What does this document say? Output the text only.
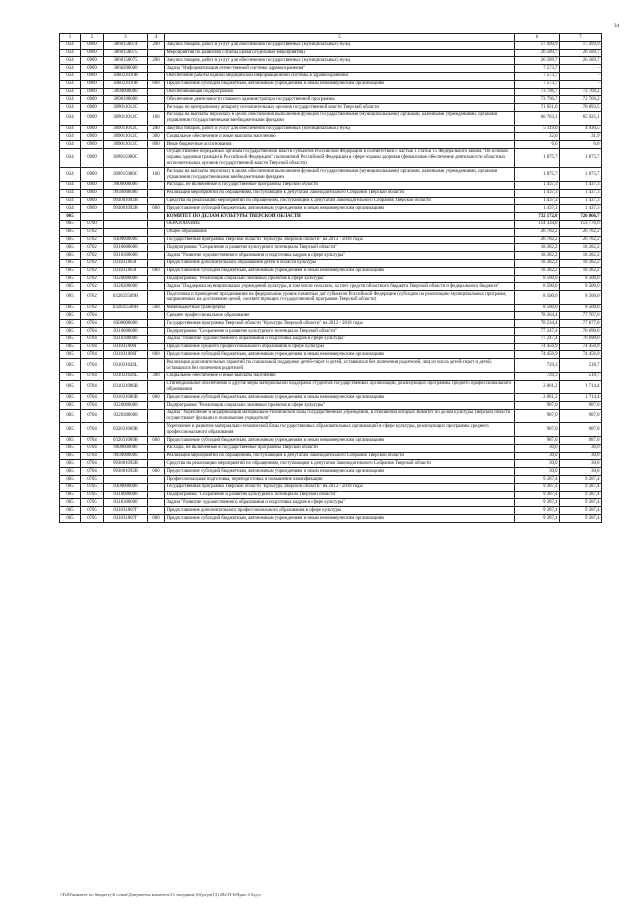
34
1	2	3	4	5	6	7
034	0909	3060158074	200	Закупка товаров, работ и услуг для обеспечения государственных (муниципальных) нужд	17 499,9	17 499,9
034	0909	3060158075		Мероприятия по развитию службы крови (отдельные мероприятия)	26 589,7	26 589,7
034	0909	3060158075	200	Закупка товаров, работ и услуг для обеспечения государственных (муниципальных) нужд	26 589,7	26 589,7
034	0909	3060200000		Задача "Информатизация отечественной системы здравоохранения"	7 573,7	-
034	0909	306021010В		Обеспечение работы единой медицинской информационной системы в здравоохранении	7 573,7	-
034	0909	306021010В	600	Предоставление субсидий бюджетным, автономным учреждениям и иным некоммерческим организациям	7 573,7	-
034	0909	3090000000		Обеспечивающая подпрограмма	73 796,7	72 769,2
034	0909	3090100000		Обеспечение деятельности главного администратора государственной программы	73 796,7	72 769,2
034	0909	309011012С		Расходы по центральному аппарату исполнительных органов государственной власти Тверской области	71 921,0	70 893,5
034	0909	309011012С	100	Расходы на выплаты персоналу в целях обеспечения выполнения функций государственными (муниципальными) органами, казенными учреждениями, органами управления государственными внебюджетными фондами	66 763,1	65 925,1
034	0909	309011012С	200	Закупка товаров, работ и услуг для обеспечения государственных (муниципальных) нужд	5 119,0	4 930,5
034	0909	309011012С	300	Социальное обеспечение и иные выплаты населению	32,0	31,9
034	0909	309011012С	800	Иные бюджетные ассигнования	6,0	6,0
034	0909	309015980С		Осуществление переданных органам государственной власти субъектов Российской Федерации в соответствии с частью 1 статьи 15 Федерального закона "Об основах охраны здоровья граждан в Российской Федерации" полномочий Российской Федерации в сфере охраны здоровья (финансовое обеспечение деятельности областных исполнительных органов государственной власти Тверской области)	1 875,7	1 875,7
034	0909	309015980С	100	Расходы на выплаты персоналу в целях обеспечения выполнения функций государственными (муниципальными) органами, казенными учреждениями, органами управления государственными внебюджетными фондами	1 875,7	1 875,7
034	0909	9900000000		Расходы, не включенные в государственные программы Тверской области	1 437,3	1 437,3
034	0909	9930000000		Реализация мероприятий по обращениям, поступающим к депутатам Законодательного Собрания Тверской области	1 437,3	1 437,3
034	0909	993001092В		Средства на реализацию мероприятий по обращениям, поступающим к депутатам Законодательного Собрания Тверской области	1 437,3	1 437,3
034	0909	993001092В	600	Предоставление субсидий бюджетным, автономным учреждениям и иным некоммерческим организациям	1 437,3	1 437,3
065				КОМИТЕТ ПО ДЕЛАМ КУЛЬТУРЫ ТВЕРСКОЙ ОБЛАСТИ	732 172,8	726 866,7
065	0700			ОБРАЗОВАНИЕ	114 334,0	113 776,6
065	0702			Общее образование	26 782,2	26 782,2
065	0702	0300000000		Государственная программа Тверской области "Культура Тверской области" на 2013 - 2018 годы	26 782,2	26 782,2
065	0702	0310000000		Подпрограмма "Сохранение и развитие культурного потенциала Тверской области"	18 282,2	18 282,2
065	0702	0310300000		Задача "Развитие художественного образования и подготовка кадров в сфере культуры"	18 282,2	18 282,2
065	0702	031031003Г		Предоставление дополнительного образования детей в области культуры	18 282,2	18 282,2
065	0702	031031003Г	600	Предоставление субсидий бюджетным, автономным учреждениям и иным некоммерческим организациям	18 282,2	18 282,2
065	0702	0320000000		Подпрограмма "Реализация социально значимых проектов в сфере культуры"	8 500,0	8 500,0
065	0702	0320200000		Задача "Поддержка муниципальных учреждений культуры, в том числе сельских, за счет средств областного бюджета Тверской области и федерального бюджета"	8 500,0	8 500,0
065	0702	032025509Н		Подготовка и проведение празднования на федеральном уровне памятных дат субъектов Российской Федерации (субсидии на реализацию муниципальных программ, направленных на достижение целей, соответствующих государственной программе Тверской области)	8 500,0	8 500,0
065	0702	032025509Н	500	Межбюджетные трансферты	8 500,0	8 500,0
065	0704			Среднее профессиональное образование	78 264,4	77 707,0
065	0704	0300000000		Государственная программа Тверской области "Культура Тверской области" на 2013 - 2018 годы	78 234,4	77 677,0
065	0704	0310000000		Подпрограмма "Сохранение и развитие культурного потенциала Тверской области"	77 247,4	76 690,0
065	0704	0310300000		Задача "Развитие художественного образования и подготовка кадров в сфере культуры"	77 247,4	76 690,0
065	0704	031031006Г		Предоставление среднего профессионального образования в сфере культуры	74 456,9	74 456,9
065	0704	031031006Г	600	Предоставление субсидий бюджетным, автономным учреждениям и иным некоммерческим организациям	74 456,9	74 456,9
065	0704	031031026L		Реализация дополнительных гарантий по социальной поддержке детей-сирот и детей, оставшихся без попечения родителей, лиц из числа детей-сирот и детей, оставшихся без попечения родителей	729,3	518,7
065	0704	031031026L	300	Социальное обеспечение и иные выплаты населению	729,3	518,7
065	0704	031031086В		Стипендиальное обеспечение и другие меры материальной поддержки студентов государственных организаций, реализующих программы среднего профессионального образования	2 061,2	1 714,4
065	0704	031031086В	600	Предоставление субсидий бюджетным, автономным учреждениям и иным некоммерческим организациям	2 061,2	1 714,4
065	0704	0320000000		Подпрограмма "Реализация социально значимых проектов в сфере культуры"	987,0	987,0
065	0704	0320300000		Задача "Укрепление и модернизация материально-технической базы государственных учреждений, в отношении которых Комитет по делам культуры Тверской области осуществляет функции и полномочия учредителя"	987,0	987,0
065	0704	032031009В		Укрепление и развитие материально-технической базы государственных образовательных организаций в сфере культуры, реализующих программы среднего профессионального образования	987,0	987,0
065	0704	032031009В	600	Предоставление субсидий бюджетным, автономным учреждениям и иным некоммерческим организациям	987,0	987,0
065	0704	9900000000		Расходы, не включенные в государственные программы Тверской области	30,0	30,0
065	0704	9930000000		Реализация мероприятий по обращениям, поступающим к депутатам Законодательного Собрания Тверской области	30,0	30,0
065	0704	993001092В		Средства на реализацию мероприятий по обращениям, поступающим к депутатам Законодательного Собрания Тверской области	30,0	30,0
065	0704	993001092В	600	Предоставление субсидий бюджетным, автономным учреждениям и иным некоммерческим организациям	30,0	30,0
065	0705			Профессиональная подготовка, переподготовка и повышение квалификации	9 287,4	9 287,4
065	0705	0300000000		Государственная программа Тверской области "Культура Тверской области" на 2013 - 2018 годы	9 287,4	9 287,4
065	0705	0310000000		Подпрограмма "Сохранение и развитие культурного потенциала Тверской области"	9 287,4	9 287,4
065	0705	0310300000		Задача "Развитие художественного образования и подготовка кадров в сфере культуры"	9 287,4	9 287,4
065	0705	031031007Г		Предоставление дополнительного профессионального образования в сфере культуры	9 287,4	9 287,4
065	0705	031031007Г	600	Предоставление субсидий бюджетным, автономным учреждениям и иным некоммерческим организациям	9 287,4	9 287,4
\\Fs03\комитет по бюджету\6 созыв\Документы комитета\13 заседание (6)\pr\pr(13) 282-П-6\Прил 4 бод.v
